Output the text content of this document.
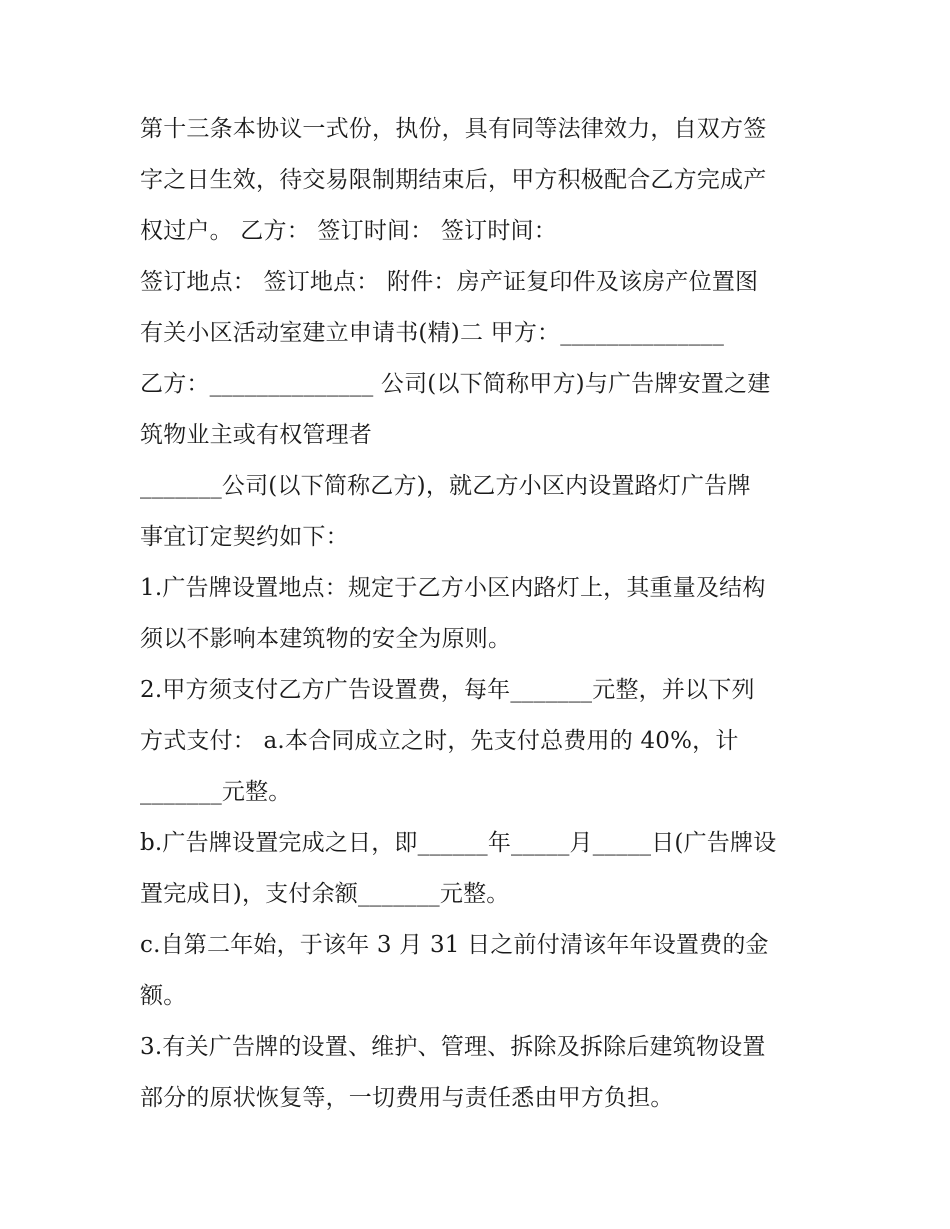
第十三条本协议一式份，执份，具有同等法律效力，自双方签
字之日生效，待交易限制期结束后，甲方积极配合乙方完成产
权过户。 乙方： 签订时间： 签订时间：
签订地点： 签订地点： 附件：房产证复印件及该房产位置图
有关小区活动室建立申请书(精)二 甲方：______________
乙方：______________ 公司(以下简称甲方)与广告牌安置之建
筑物业主或有权管理者
_______公司(以下简称乙方)，就乙方小区内设置路灯广告牌
事宜订定契约如下：
1.广告牌设置地点：规定于乙方小区内路灯上，其重量及结构
须以不影响本建筑物的安全为原则。
2.甲方须支付乙方广告设置费，每年_______元整，并以下列
方式支付： a.本合同成立之时，先支付总费用的 40%，计
_______元整。
b.广告牌设置完成之日，即______年_____月_____日(广告牌设
置完成日)，支付余额_______元整。
c.自第二年始，于该年 3 月 31 日之前付清该年年设置费的金
额。
3.有关广告牌的设置、维护、管理、拆除及拆除后建筑物设置
部分的原状恢复等，一切费用与责任悉由甲方负担。
